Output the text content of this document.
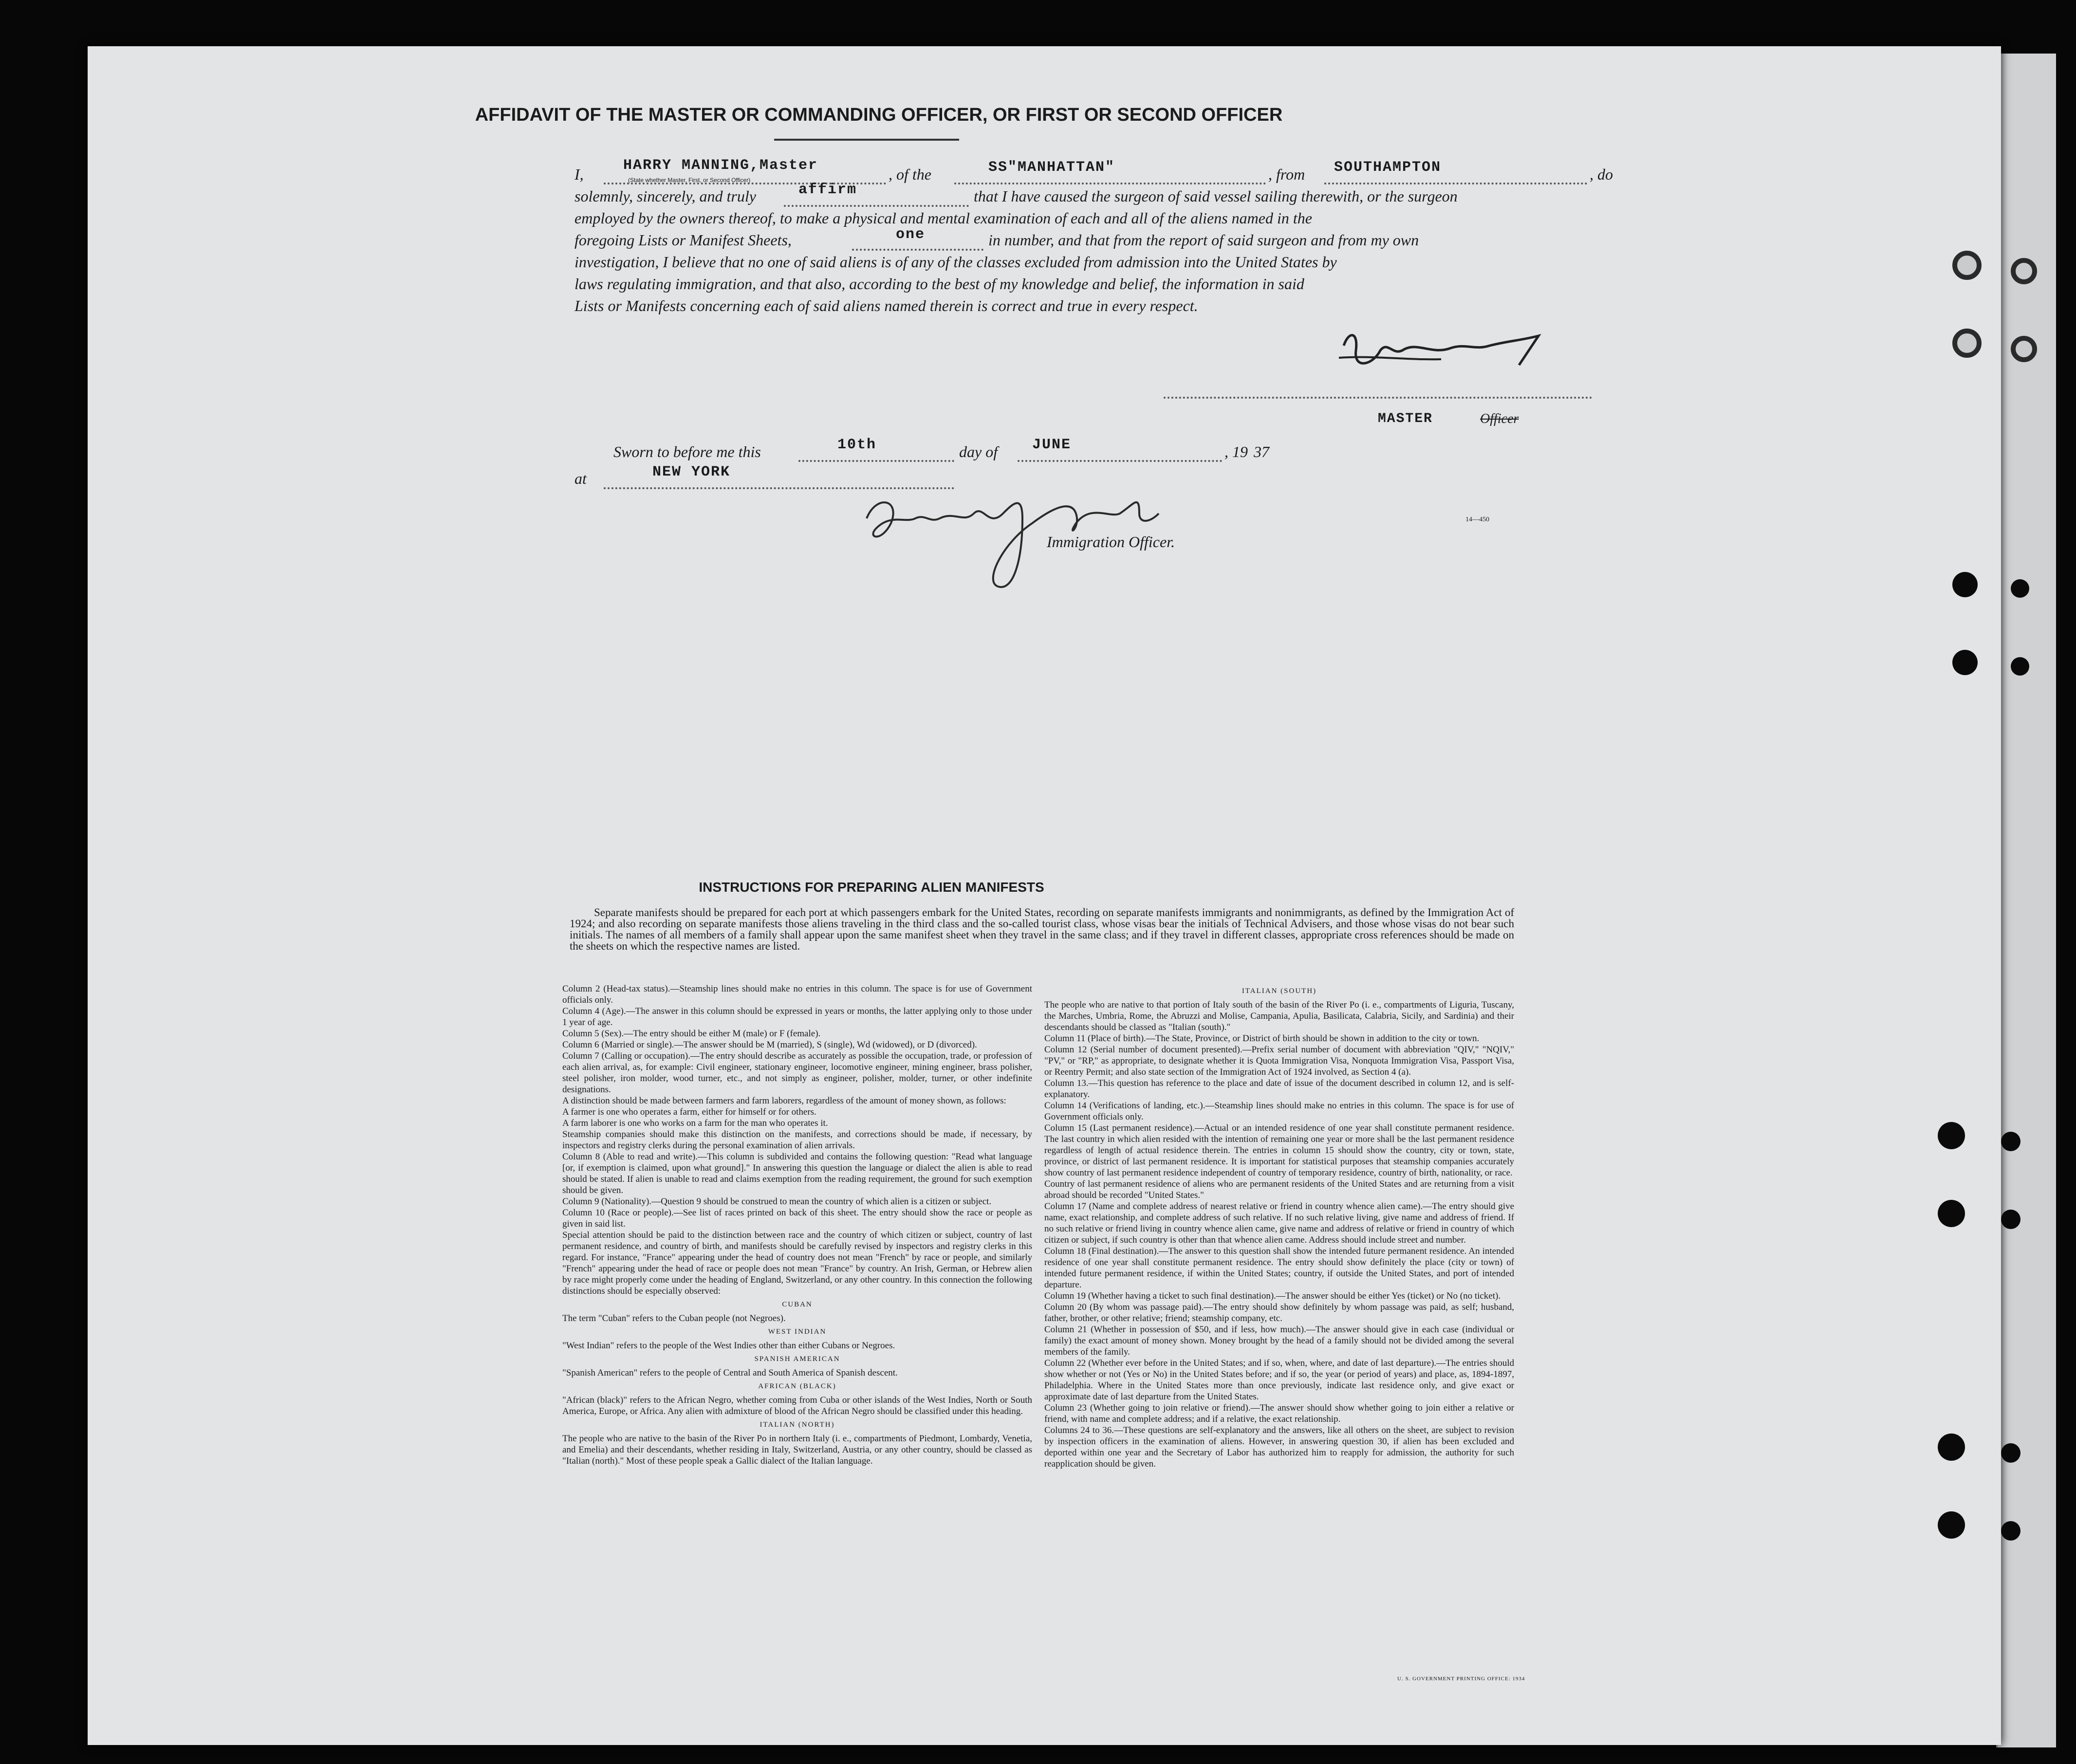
AFFIDAVIT OF THE MASTER OR COMMANDING OFFICER, OR FIRST OR SECOND OFFICER
I,	HARRY MANNING,Master
(State whether Master, First, or Second Officer)	, of the	SS"MANHATTAN"	, from SOUTHAMPTON	, do
solemnly, sincerely, and truly	affirm	that I have caused the surgeon of said vessel sailing therewith, or the surgeon
employed by the owners thereof, to make a physical and mental examination of each and all of the aliens named in the
foregoing Lists or Manifest Sheets,	one	in number, and that from the report of said surgeon and from my own
investigation, I believe that no one of said aliens is of any of the classes excluded from admission into the United States by
laws regulating immigration, and that also, according to the best of my knowledge and belief, the information in said
Lists or Manifests concerning each of said aliens named therein is correct and true in every respect.
MASTER	Officer
Sworn to before me this	10th	day of JUNE	, 19 37
at	NEW YORK
Immigration Officer.
14—450
INSTRUCTIONS FOR PREPARING ALIEN MANIFESTS
Separate manifests should be prepared for each port at which passengers embark for the United States, recording on separate manifests immigrants and nonimmigrants, as defined by the Immigration Act of 1924; and also recording on separate manifests those aliens traveling in the third class and the so-called tourist class, whose visas bear the initials of Technical Advisers, and those whose visas do not bear such initials. The names of all members of a family shall appear upon the same manifest sheet when they travel in the same class; and if they travel in different classes, appropriate cross references should be made on the sheets on which the respective names are listed.
Column 2 (Head-tax status).—Steamship lines should make no entries in this column. The space is for use of Government officials only.
Column 4 (Age).—The answer in this column should be expressed in years or months, the latter applying only to those under 1 year of age.
Column 5 (Sex).—The entry should be either M (male) or F (female).
Column 6 (Married or single).—The answer should be M (married), S (single), Wd (widowed), or D (divorced).
Column 7 (Calling or occupation).—The entry should describe as accurately as possible the occupation, trade, or profession of each alien arrival, as, for example: Civil engineer, stationary engineer, locomotive engineer, mining engineer, brass polisher, steel polisher, iron molder, wood turner, etc., and not simply as engineer, polisher, molder, turner, or other indefinite designations.
A distinction should be made between farmers and farm laborers, regardless of the amount of money shown, as follows:
A farmer is one who operates a farm, either for himself or for others.
A farm laborer is one who works on a farm for the man who operates it.
Steamship companies should make this distinction on the manifests, and corrections should be made, if necessary, by inspectors and registry clerks during the personal examination of alien arrivals.
Column 8 (Able to read and write).—This column is subdivided and contains the following question: "Read what language [or, if exemption is claimed, upon what ground]." In answering this question the language or dialect the alien is able to read should be stated. If alien is unable to read and claims exemption from the reading requirement, the ground for such exemption should be given.
Column 9 (Nationality).—Question 9 should be construed to mean the country of which alien is a citizen or subject.
Column 10 (Race or people).—See list of races printed on back of this sheet. The entry should show the race or people as given in said list.
Special attention should be paid to the distinction between race and the country of which citizen or subject, country of last permanent residence, and country of birth, and manifests should be carefully revised by inspectors and registry clerks in this regard. For instance, "France" appearing under the head of country does not mean "French" by race or people, and similarly "French" appearing under the head of race or people does not mean "France" by country. An Irish, German, or Hebrew alien by race might properly come under the heading of England, Switzerland, or any other country. In this connection the following distinctions should be especially observed:
CUBAN
The term "Cuban" refers to the Cuban people (not Negroes).
WEST INDIAN
"West Indian" refers to the people of the West Indies other than either Cubans or Negroes.
SPANISH AMERICAN
"Spanish American" refers to the people of Central and South America of Spanish descent.
AFRICAN (BLACK)
"African (black)" refers to the African Negro, whether coming from Cuba or other islands of the West Indies, North or South America, Europe, or Africa. Any alien with admixture of blood of the African Negro should be classified under this heading.
ITALIAN (NORTH)
The people who are native to the basin of the River Po in northern Italy (i. e., compartments of Piedmont, Lombardy, Venetia, and Emelia) and their descendants, whether residing in Italy, Switzerland, Austria, or any other country, should be classed as "Italian (north)." Most of these people speak a Gallic dialect of the Italian language.
ITALIAN (SOUTH)
The people who are native to that portion of Italy south of the basin of the River Po (i. e., compartments of Liguria, Tuscany, the Marches, Umbria, Rome, the Abruzzi and Molise, Campania, Apulia, Basilicata, Calabria, Sicily, and Sardinia) and their descendants should be classed as "Italian (south)."
Column 11 (Place of birth).—The State, Province, or District of birth should be shown in addition to the city or town.
Column 12 (Serial number of document presented).—Prefix serial number of document with abbreviation "QIV," "NQIV," "PV," or "RP," as appropriate, to designate whether it is Quota Immigration Visa, Nonquota Immigration Visa, Passport Visa, or Reentry Permit; and also state section of the Immigration Act of 1924 involved, as Section 4 (a).
Column 13.—This question has reference to the place and date of issue of the document described in column 12, and is self-explanatory.
Column 14 (Verifications of landing, etc.).—Steamship lines should make no entries in this column. The space is for use of Government officials only.
Column 15 (Last permanent residence).—Actual or an intended residence of one year shall constitute permanent residence. The last country in which alien resided with the intention of remaining one year or more shall be the last permanent residence regardless of length of actual residence therein. The entries in column 15 should show the country, city or town, state, province, or district of last permanent residence. It is important for statistical purposes that steamship companies accurately show country of last permanent residence independent of country of temporary residence, country of birth, nationality, or race.
Country of last permanent residence of aliens who are permanent residents of the United States and are returning from a visit abroad should be recorded "United States."
Column 17 (Name and complete address of nearest relative or friend in country whence alien came).—The entry should give name, exact relationship, and complete address of such relative. If no such relative living, give name and address of friend. If no such relative or friend living in country whence alien came, give name and address of relative or friend in country of which citizen or subject, if such country is other than that whence alien came. Address should include street and number.
Column 18 (Final destination).—The answer to this question shall show the intended future permanent residence. An intended residence of one year shall constitute permanent residence. The entry should show definitely the place (city or town) of intended future permanent residence, if within the United States; country, if outside the United States, and port of intended departure.
Column 19 (Whether having a ticket to such final destination).—The answer should be either Yes (ticket) or No (no ticket).
Column 20 (By whom was passage paid).—The entry should show definitely by whom passage was paid, as self; husband, father, brother, or other relative; friend; steamship company, etc.
Column 21 (Whether in possession of $50, and if less, how much).—The answer should give in each case (individual or family) the exact amount of money shown. Money brought by the head of a family should not be divided among the several members of the family.
Column 22 (Whether ever before in the United States; and if so, when, where, and date of last departure).—The entries should show whether or not (Yes or No) in the United States before; and if so, the year (or period of years) and place, as, 1894-1897, Philadelphia. Where in the United States more than once previously, indicate last residence only, and give exact or approximate date of last departure from the United States.
Column 23 (Whether going to join relative or friend).—The answer should show whether going to join either a relative or friend, with name and complete address; and if a relative, the exact relationship.
Columns 24 to 36.—These questions are self-explanatory and the answers, like all others on the sheet, are subject to revision by inspection officers in the examination of aliens. However, in answering question 30, if alien has been excluded and deported within one year and the Secretary of Labor has authorized him to reapply for admission, the authority for such reapplication should be given.
U. S. GOVERNMENT PRINTING OFFICE: 1934
